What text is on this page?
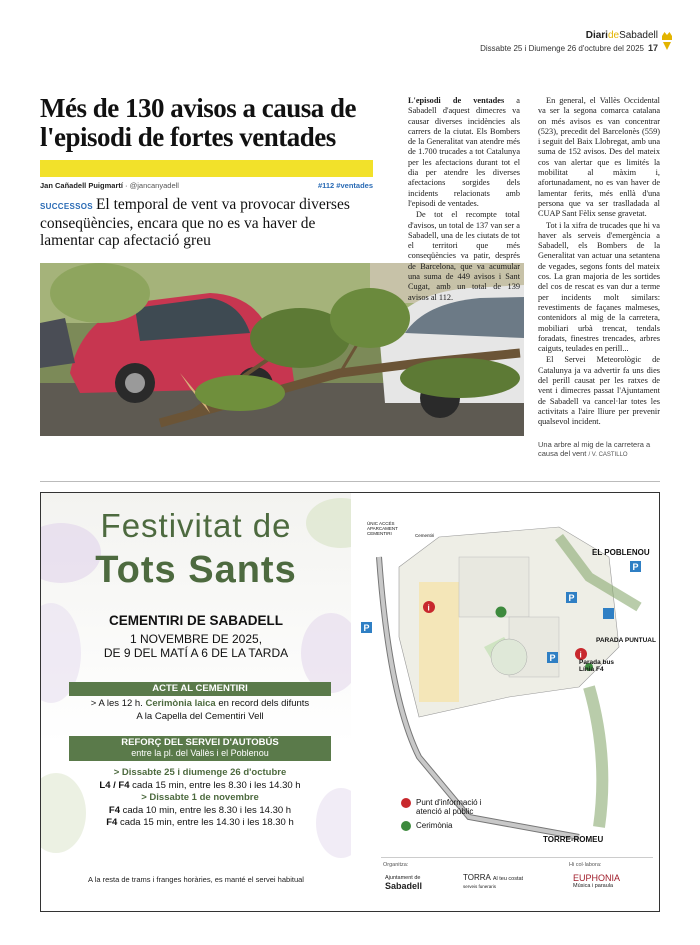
DiarideSabadell
Dissabte 25 i Diumenge 26 d'octubre del 2025 17
Més de 130 avisos a causa de l'episodi de fortes ventades
Jan Cañadell Puigmartí · @jancanyadell	#112 #ventades
SUCCESSOS El temporal de vent va provocar diverses conseqüències, encara que no es va haver de lamentar cap afectació greu

L'episodi de ventades a Sabadell d'aquest dimecres va causar diverses incidències als carrers de la ciutat. Els Bombers de la Generalitat van atendre més de 1.700 trucades a tot Catalunya per les afectacions durant tot el dia per atendre les diverses afectacions sorgides dels incidents relacionats amb l'episodi de ventades.

De tot el recompte total d'avisos, un total de 137 van ser a Sabadell, una de les ciutats de tot el territori que més conseqüències va patir, després de Barcelona, que va acumular una suma de 449 avisos i Sant Cugat, amb un total de 139 avisos al 112.

En general, el Vallès Occidental va ser la segona comarca catalana on més avisos es van concentrar (523), precedit del Barcelonès (559) i seguit del Baix Llobregat, amb una suma de 152 avisos. Des del mateix cos van alertar que es limités la mobilitat al màxim i, afortunadament, no es van haver de lamentar ferits, més enllà d'una persona que va ser traslladada al CUAP Sant Fèlix sense gravetat.

Tot i la xifra de trucades que hi va haver als serveis d'emergència a Sabadell, els Bombers de la Generalitat van actuar una setantena de vegades, segons fonts del mateix cos. La gran majoria de les sortides del cos de rescat es van dur a terme per incidents molt similars: revestiments de façanes malmeses, contenidors al mig de la carretera, mobiliari urbà trencat, tendals foradats, finestres trencades, arbres caiguts, teulades en perill...

El Servei Meteorològic de Catalunya ja va advertir fa uns dies del perill causat per les ratxes de vent i dimecres passat l'Ajuntament de Sabadell va cancel·lar totes les activitats a l'aire lliure per prevenir qualsevol incident.

Una arbre al mig de la carretera a causa del vent / V. CASTILLO
Festivitat de
Tots Sants
CEMENTIRI DE SABADELL
1 NOVEMBRE DE 2025,
DE 9 DEL MATÍ A 6 DE LA TARDA
ACTE AL CEMENTIRI
> A les 12 h. Cerimònia laica en record dels difunts
A la Capella del Cementiri Vell
REFORÇ DEL SERVEI D'AUTOBÚS
entre la pl. del Vallès i el Poblenou
> Dissabte 25 i diumenge 26 d'octubre
L4 / F4 cada 15 min, entre les 8.30 i les 14.30 h
> Dissabte 1 de novembre
F4 cada 10 min, entre les 8.30 i les 14.30 h
F4 cada 15 min, entre les 14.30 i les 18.30 h
A la resta de trams i franges horàries, es manté el servei habitual
P
P
P
P
i
i
ÚNIC ACCÉS APARCAMENT CEMENTIRI	Cementiri
EL POBLENOU
PARADA PUNTUAL
Parada bus
Línia F4
TORRE-ROMEU
Punt d'informació i atenció al públic
Cerimònia
Organitza:	Hi col·labora:
Ajuntament de
Sabadell
TORRA Al teu costat
serveis funeraris
EUPHONIA
Música i paraula
